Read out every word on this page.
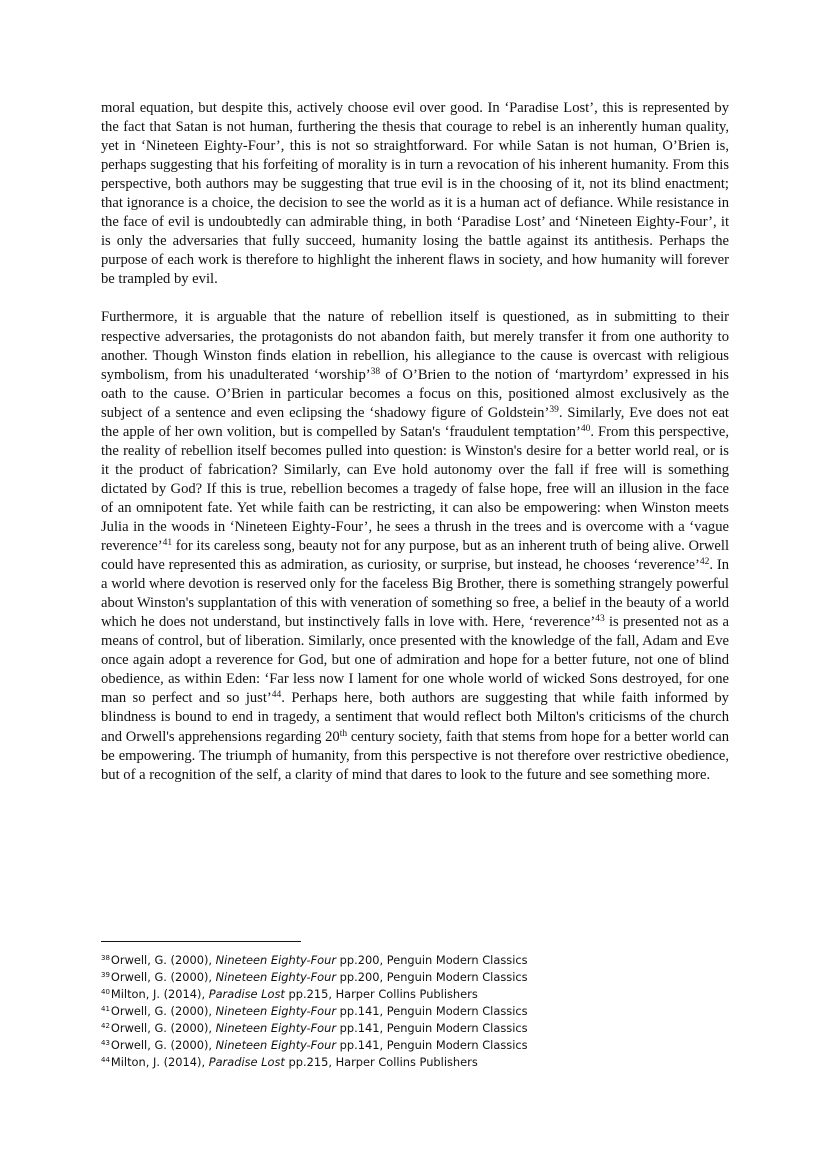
moral equation, but despite this, actively choose evil over good. In ‘Paradise Lost’, this is represented by the fact that Satan is not human, furthering the thesis that courage to rebel is an inherently human quality, yet in ‘Nineteen Eighty-Four’, this is not so straightforward. For while Satan is not human, O’Brien is, perhaps suggesting that his forfeiting of morality is in turn a revocation of his inherent humanity. From this perspective, both authors may be suggesting that true evil is in the choosing of it, not its blind enactment; that ignorance is a choice, the decision to see the world as it is a human act of defiance. While resistance in the face of evil is undoubtedly can admirable thing, in both ‘Paradise Lost’ and ‘Nineteen Eighty-Four’, it is only the adversaries that fully succeed, humanity losing the battle against its antithesis. Perhaps the purpose of each work is therefore to highlight the inherent flaws in society, and how humanity will forever be trampled by evil.

Furthermore, it is arguable that the nature of rebellion itself is questioned, as in submitting to their respective adversaries, the protagonists do not abandon faith, but merely transfer it from one authority to another. Though Winston finds elation in rebellion, his allegiance to the cause is overcast with religious symbolism, from his unadulterated ‘worship’$^{38}$ of O’Brien to the notion of ‘martyrdom’ expressed in his oath to the cause. O’Brien in particular becomes a focus on this, positioned almost exclusively as the subject of a sentence and even eclipsing the ‘shadowy figure of Goldstein’$^{39}$. Similarly, Eve does not eat the apple of her own volition, but is compelled by Satan's ‘fraudulent temptation’$^{40}$. From this perspective, the reality of rebellion itself becomes pulled into question: is Winston's desire for a better world real, or is it the product of fabrication? Similarly, can Eve hold autonomy over the fall if free will is something dictated by God? If this is true, rebellion becomes a tragedy of false hope, free will an illusion in the face of an omnipotent fate. Yet while faith can be restricting, it can also be empowering: when Winston meets Julia in the woods in ‘Nineteen Eighty-Four’, he sees a thrush in the trees and is overcome with a ‘vague reverence’$^{41}$ for its careless song, beauty not for any purpose, but as an inherent truth of being alive. Orwell could have represented this as admiration, as curiosity, or surprise, but instead, he chooses ‘reverence’$^{42}$. In a world where devotion is reserved only for the faceless Big Brother, there is something strangely powerful about Winston's supplantation of this with veneration of something so free, a belief in the beauty of a world which he does not understand, but instinctively falls in love with. Here, ‘reverence’$^{43}$ is presented not as a means of control, but of liberation. Similarly, once presented with the knowledge of the fall, Adam and Eve once again adopt a reverence for God, but one of admiration and hope for a better future, not one of blind obedience, as within Eden: ‘Far less now I lament for one whole world of wicked Sons destroyed, for one man so perfect and so just’$^{44}$. Perhaps here, both authors are suggesting that while faith informed by blindness is bound to end in tragedy, a sentiment that would reflect both Milton's criticisms of the church and Orwell's apprehensions regarding 20th century society, faith that stems from hope for a better world can be empowering. The triumph of humanity, from this perspective is not therefore over restrictive obedience, but of a recognition of the self, a clarity of mind that dares to look to the future and see something more.

$^{38}$Orwell, G. (2000), Nineteen Eighty-Four pp.200, Penguin Modern Classics
$^{39}$Orwell, G. (2000), Nineteen Eighty-Four pp.200, Penguin Modern Classics
$^{40}$Milton, J. (2014), Paradise Lost pp.215, Harper Collins Publishers
$^{41}$Orwell, G. (2000), Nineteen Eighty-Four pp.141, Penguin Modern Classics
$^{42}$Orwell, G. (2000), Nineteen Eighty-Four pp.141, Penguin Modern Classics
$^{43}$Orwell, G. (2000), Nineteen Eighty-Four pp.141, Penguin Modern Classics
$^{44}$Milton, J. (2014), Paradise Lost pp.215, Harper Collins Publishers
